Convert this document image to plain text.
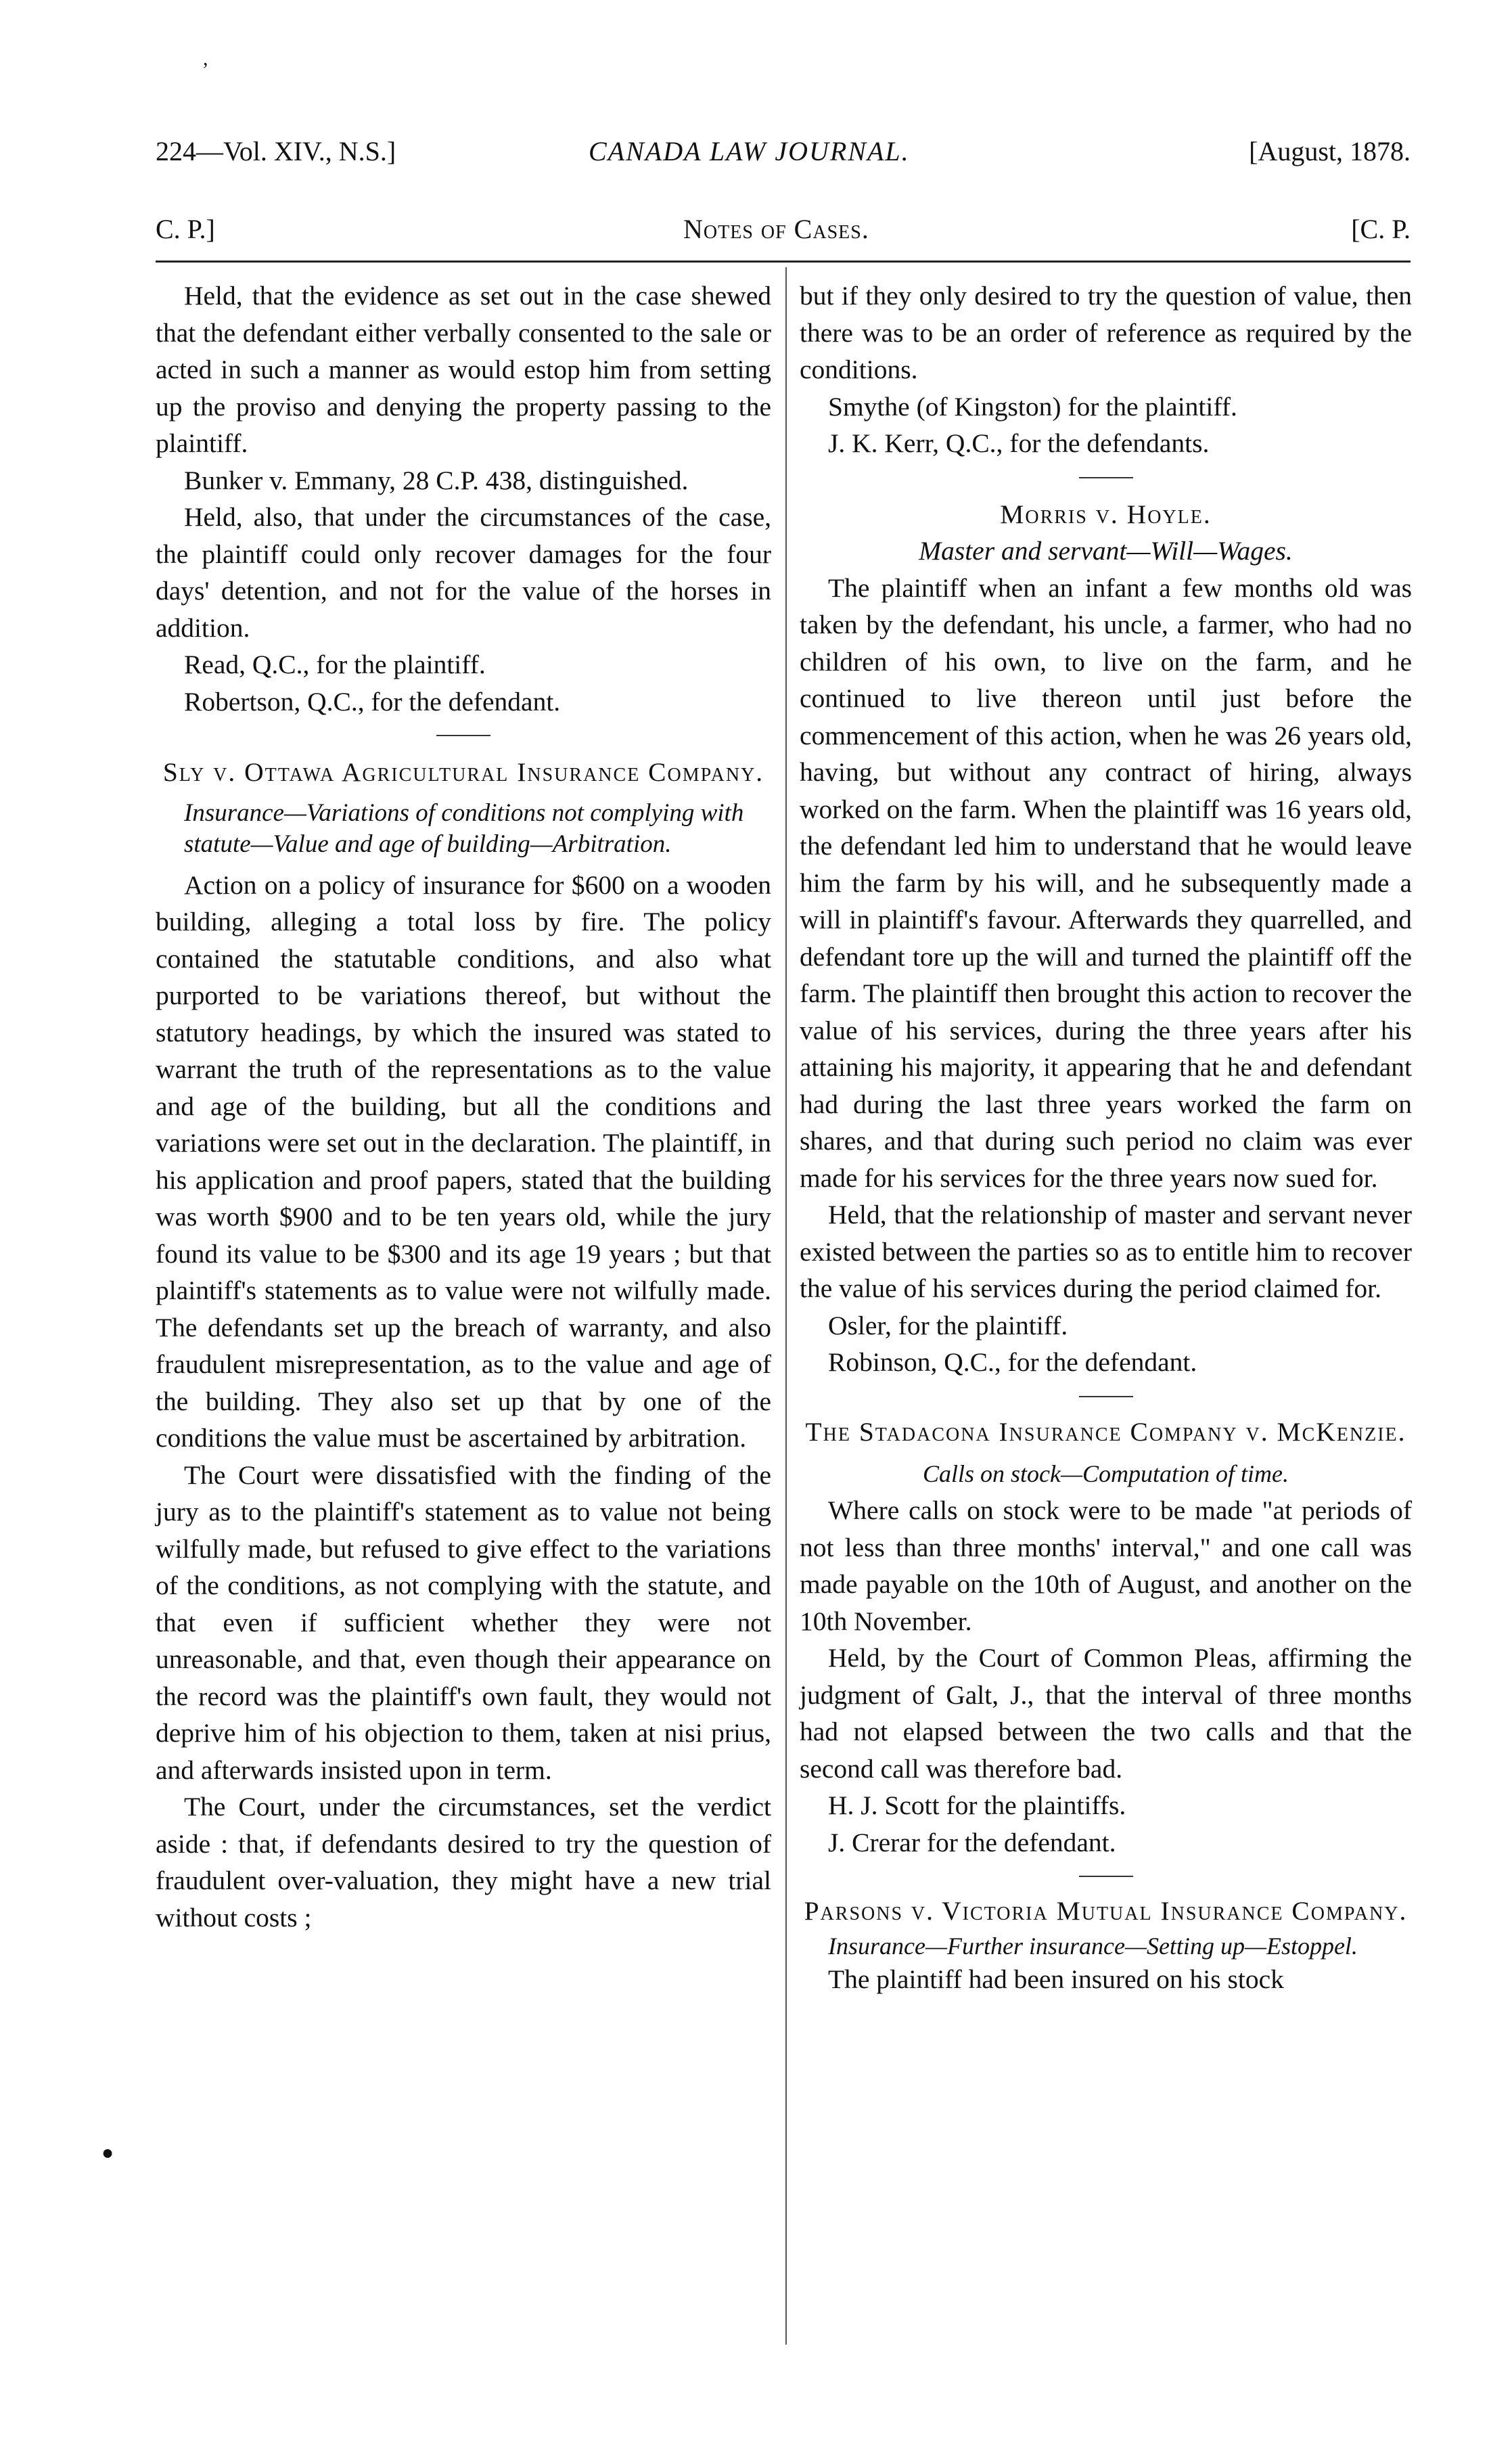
224—Vol. XIV., N.S.]	CANADA LAW JOURNAL.	[August, 1878.
C. P.]	Notes of Cases.	[C. P.

Held, that the evidence as set out in the case shewed that the defendant either verbally consented to the sale or acted in such a manner as would estop him from setting up the proviso and denying the property passing to the plaintiff.

Bunker v. Emmany, 28 C.P. 438, distinguished.

Held, also, that under the circumstances of the case, the plaintiff could only recover damages for the four days' detention, and not for the value of the horses in addition.

Read, Q.C., for the plaintiff.

Robertson, Q.C., for the defendant.

Sly v. Ottawa Agricultural Insurance Company.

Insurance—Variations of conditions not complying with statute—Value and age of building—Arbitration.

Action on a policy of insurance for $600 on a wooden building, alleging a total loss by fire. The policy contained the statutable conditions, and also what purported to be variations thereof, but without the statutory headings, by which the insured was stated to warrant the truth of the representations as to the value and age of the building, but all the conditions and variations were set out in the declaration. The plaintiff, in his application and proof papers, stated that the building was worth $900 and to be ten years old, while the jury found its value to be $300 and its age 19 years ; but that plaintiff's statements as to value were not wilfully made. The defendants set up the breach of warranty, and also fraudulent misrepresentation, as to the value and age of the building. They also set up that by one of the conditions the value must be ascertained by arbitration.

The Court were dissatisfied with the finding of the jury as to the plaintiff's statement as to value not being wilfully made, but refused to give effect to the variations of the conditions, as not complying with the statute, and that even if sufficient whether they were not unreasonable, and that, even though their appearance on the record was the plaintiff's own fault, they would not deprive him of his objection to them, taken at nisi prius, and afterwards insisted upon in term.

The Court, under the circumstances, set the verdict aside : that, if defendants desired to try the question of fraudulent over-valuation, they might have a new trial without costs ;

but if they only desired to try the question of value, then there was to be an order of reference as required by the conditions.

Smythe (of Kingston) for the plaintiff.

J. K. Kerr, Q.C., for the defendants.

Morris v. Hoyle.

Master and servant—Will—Wages.

The plaintiff when an infant a few months old was taken by the defendant, his uncle, a farmer, who had no children of his own, to live on the farm, and he continued to live thereon until just before the commencement of this action, when he was 26 years old, having, but without any contract of hiring, always worked on the farm. When the plaintiff was 16 years old, the defendant led him to understand that he would leave him the farm by his will, and he subsequently made a will in plaintiff's favour. Afterwards they quarrelled, and defendant tore up the will and turned the plaintiff off the farm. The plaintiff then brought this action to recover the value of his services, during the three years after his attaining his majority, it appearing that he and defendant had during the last three years worked the farm on shares, and that during such period no claim was ever made for his services for the three years now sued for.

Held, that the relationship of master and servant never existed between the parties so as to entitle him to recover the value of his services during the period claimed for.

Osler, for the plaintiff.

Robinson, Q.C., for the defendant.

The Stadacona Insurance Company v. McKenzie.

Calls on stock—Computation of time.

Where calls on stock were to be made "at periods of not less than three months' interval," and one call was made payable on the 10th of August, and another on the 10th November.

Held, by the Court of Common Pleas, affirming the judgment of Galt, J., that the interval of three months had not elapsed between the two calls and that the second call was therefore bad.

H. J. Scott for the plaintiffs.

J. Crerar for the defendant.

Parsons v. Victoria Mutual Insurance Company.

Insurance—Further insurance—Setting up—Estoppel.

The plaintiff had been insured on his stock

,
●
